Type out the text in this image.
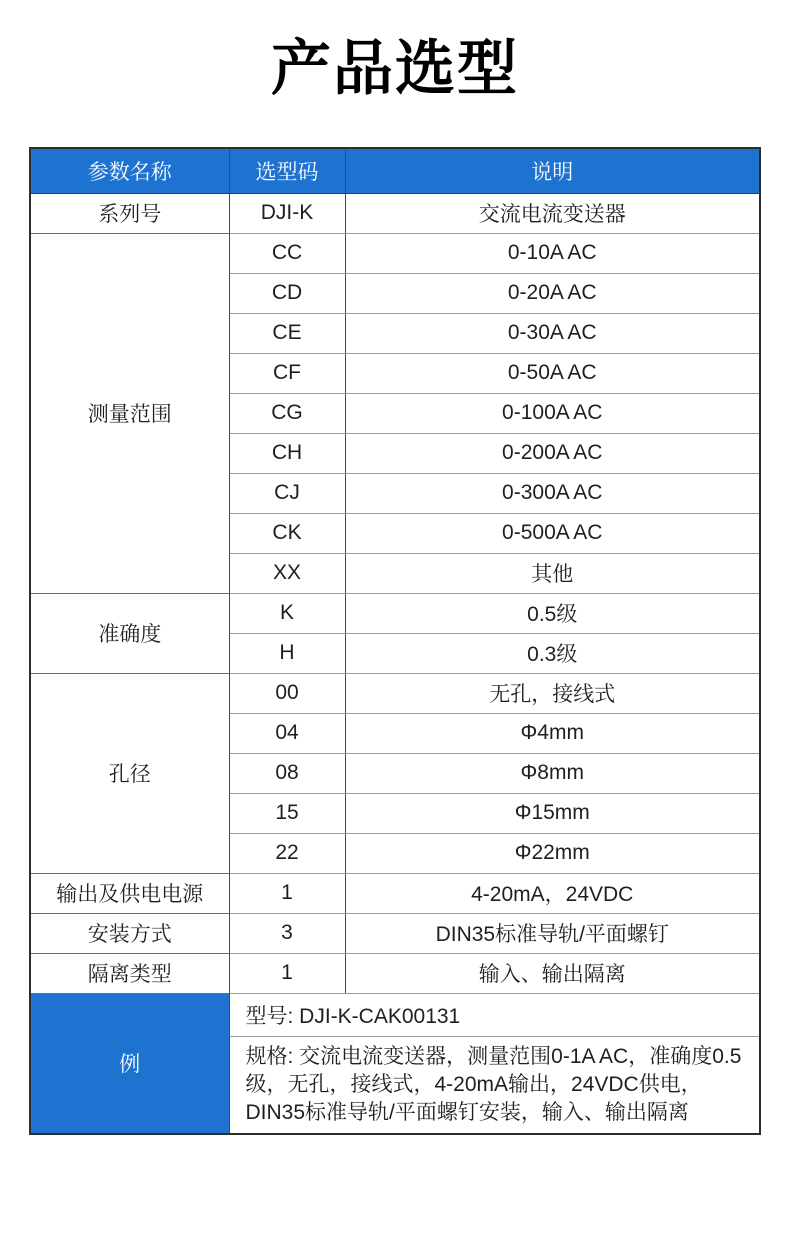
产品选型
参数名称	选型码	说明
系列号	DJI-K	交流电流变送器
测量范围	CC	0-10A AC
	CD	0-20A AC
	CE	0-30A AC
	CF	0-50A AC
	CG	0-100A AC
	CH	0-200A AC
	CJ	0-300A AC
	CK	0-500A AC
	XX	其他
准确度	K	0.5级
	H	0.3级
孔径	00	无孔，接线式
	04	Φ4mm
	08	Φ8mm
	15	Φ15mm
	22	Φ22mm
输出及供电电源	1	4-20mA，24VDC
安装方式	3	DIN35标准导轨/平面螺钉
隔离类型	1	输入、输出隔离
例	型号: DJI-K-CAK00131	
	规格: 交流电流变送器，测量范围0-1A AC，准确度0.5级，无孔，接线式，4-20mA输出，24VDC供电，DIN35标准导轨/平面螺钉安装，输入、输出隔离	
